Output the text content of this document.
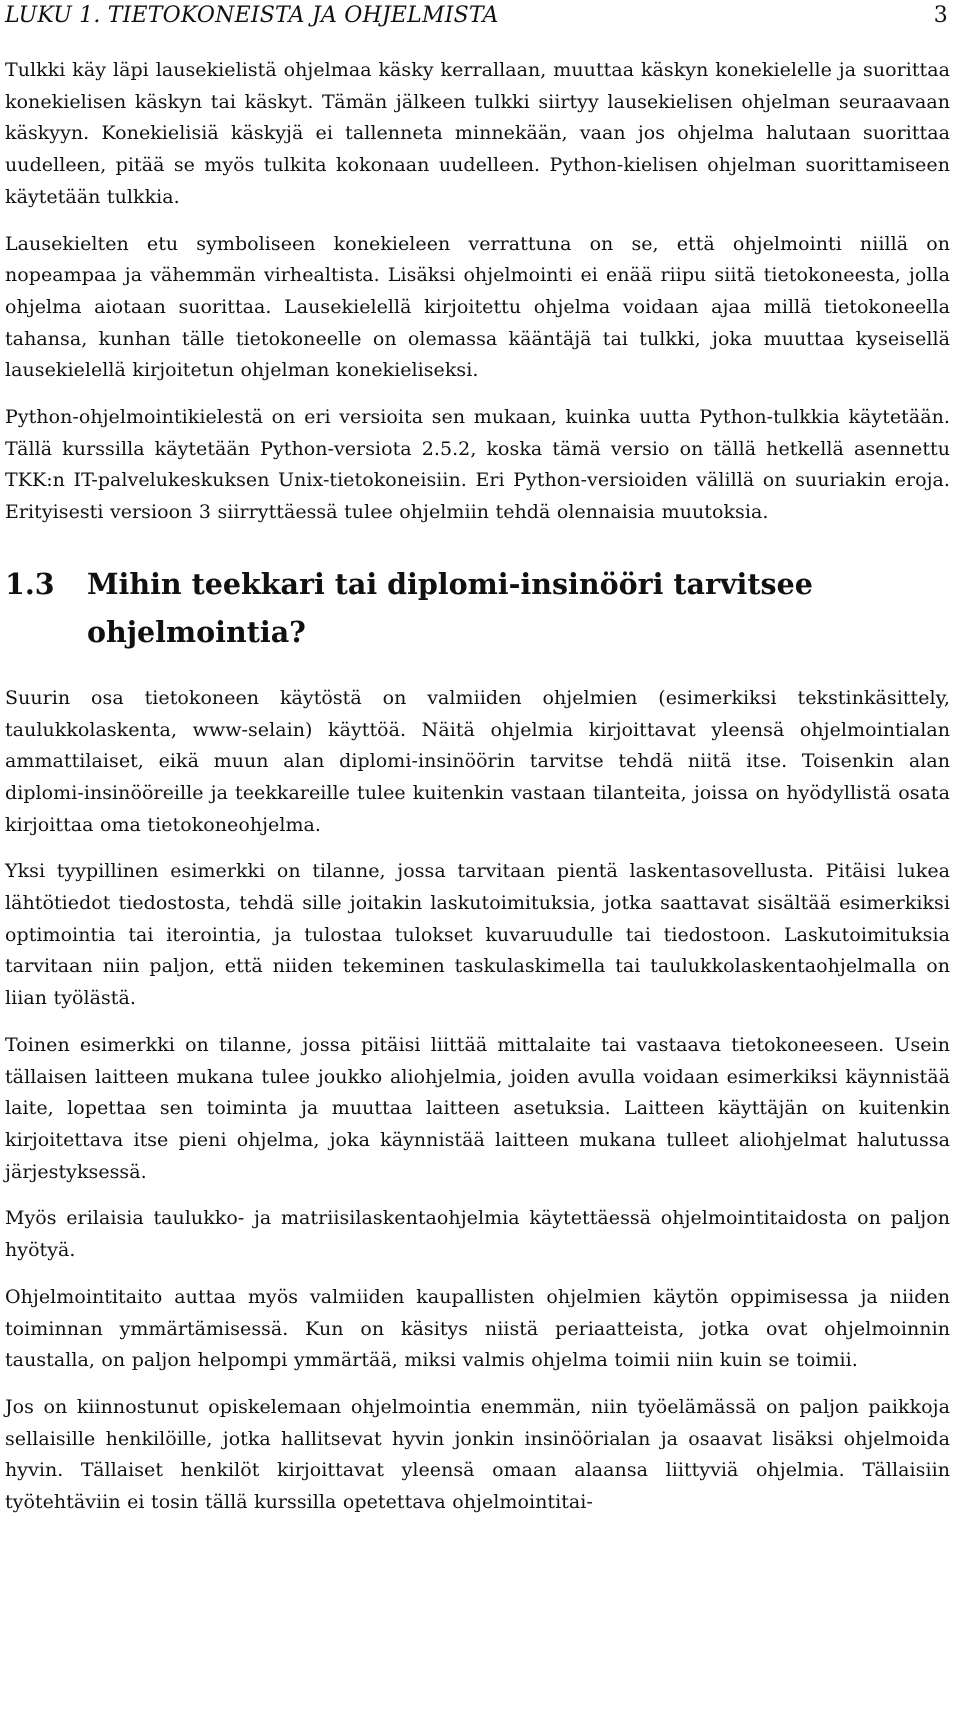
LUKU 1. TIETOKONEISTA JA OHJELMISTA	3

Tulkki käy läpi lausekielistä ohjelmaa käsky kerrallaan, muuttaa käskyn konekielelle ja suorittaa konekielisen käskyn tai käskyt. Tämän jälkeen tulkki siirtyy lausekielisen ohjelman seuraavaan käskyyn. Konekielisiä käskyjä ei tallenneta minnekään, vaan jos ohjelma halutaan suorittaa uudelleen, pitää se myös tulkita kokonaan uudelleen. Python-kielisen ohjelman suorittamiseen käytetään tulkkia.

Lausekielten etu symboliseen konekieleen verrattuna on se, että ohjelmointi niillä on nopeampaa ja vähemmän virhealtista. Lisäksi ohjelmointi ei enää riipu siitä tietokoneesta, jolla ohjelma aiotaan suorittaa. Lausekielellä kirjoitettu ohjelma voidaan ajaa millä tietokoneella tahansa, kunhan tälle tietokoneelle on olemassa kääntäjä tai tulkki, joka muuttaa kyseisellä lausekielellä kirjoitetun ohjelman konekieliseksi.

Python-ohjelmointikielestä on eri versioita sen mukaan, kuinka uutta Python-tulkkia käytetään. Tällä kurssilla käytetään Python-versiota 2.5.2, koska tämä versio on tällä hetkellä asennettu TKK:n IT-palvelukeskuksen Unix-tietokoneisiin. Eri Python-versioiden välillä on suuriakin eroja. Erityisesti versioon 3 siirryttäessä tulee ohjelmiin tehdä olennaisia muutoksia.

1.3	Mihin teekkari tai diplomi-insinööri tarvitsee ohjelmointia?

Suurin osa tietokoneen käytöstä on valmiiden ohjelmien (esimerkiksi tekstinkäsittely, taulukkolaskenta, www-selain) käyttöä. Näitä ohjelmia kirjoittavat yleensä ohjelmointialan ammattilaiset, eikä muun alan diplomi-insinöörin tarvitse tehdä niitä itse. Toisenkin alan diplomi-insinööreille ja teekkareille tulee kuitenkin vastaan tilanteita, joissa on hyödyllistä osata kirjoittaa oma tietokoneohjelma.

Yksi tyypillinen esimerkki on tilanne, jossa tarvitaan pientä laskentasovellusta. Pitäisi lukea lähtötiedot tiedostosta, tehdä sille joitakin laskutoimituksia, jotka saattavat sisältää esimerkiksi optimointia tai iterointia, ja tulostaa tulokset kuvaruudulle tai tiedostoon. Laskutoimituksia tarvitaan niin paljon, että niiden tekeminen taskulaskimella tai taulukkolaskentaohjelmalla on liian työlästä.

Toinen esimerkki on tilanne, jossa pitäisi liittää mittalaite tai vastaava tietokoneeseen. Usein tällaisen laitteen mukana tulee joukko aliohjelmia, joiden avulla voidaan esimerkiksi käynnistää laite, lopettaa sen toiminta ja muuttaa laitteen asetuksia. Laitteen käyttäjän on kuitenkin kirjoitettava itse pieni ohjelma, joka käynnistää laitteen mukana tulleet aliohjelmat halutussa järjestyksessä.

Myös erilaisia taulukko- ja matriisilaskentaohjelmia käytettäessä ohjelmointitaidosta on paljon hyötyä.

Ohjelmointitaito auttaa myös valmiiden kaupallisten ohjelmien käytön oppimisessa ja niiden toiminnan ymmärtämisessä. Kun on käsitys niistä periaatteista, jotka ovat ohjelmoinnin taustalla, on paljon helpompi ymmärtää, miksi valmis ohjelma toimii niin kuin se toimii.

Jos on kiinnostunut opiskelemaan ohjelmointia enemmän, niin työelämässä on paljon paikkoja sellaisille henkilöille, jotka hallitsevat hyvin jonkin insinöörialan ja osaavat lisäksi ohjelmoida hyvin. Tällaiset henkilöt kirjoittavat yleensä omaan alaansa liittyviä ohjelmia. Tällaisiin työtehtäviin ei tosin tällä kurssilla opetettava ohjelmointitai-
